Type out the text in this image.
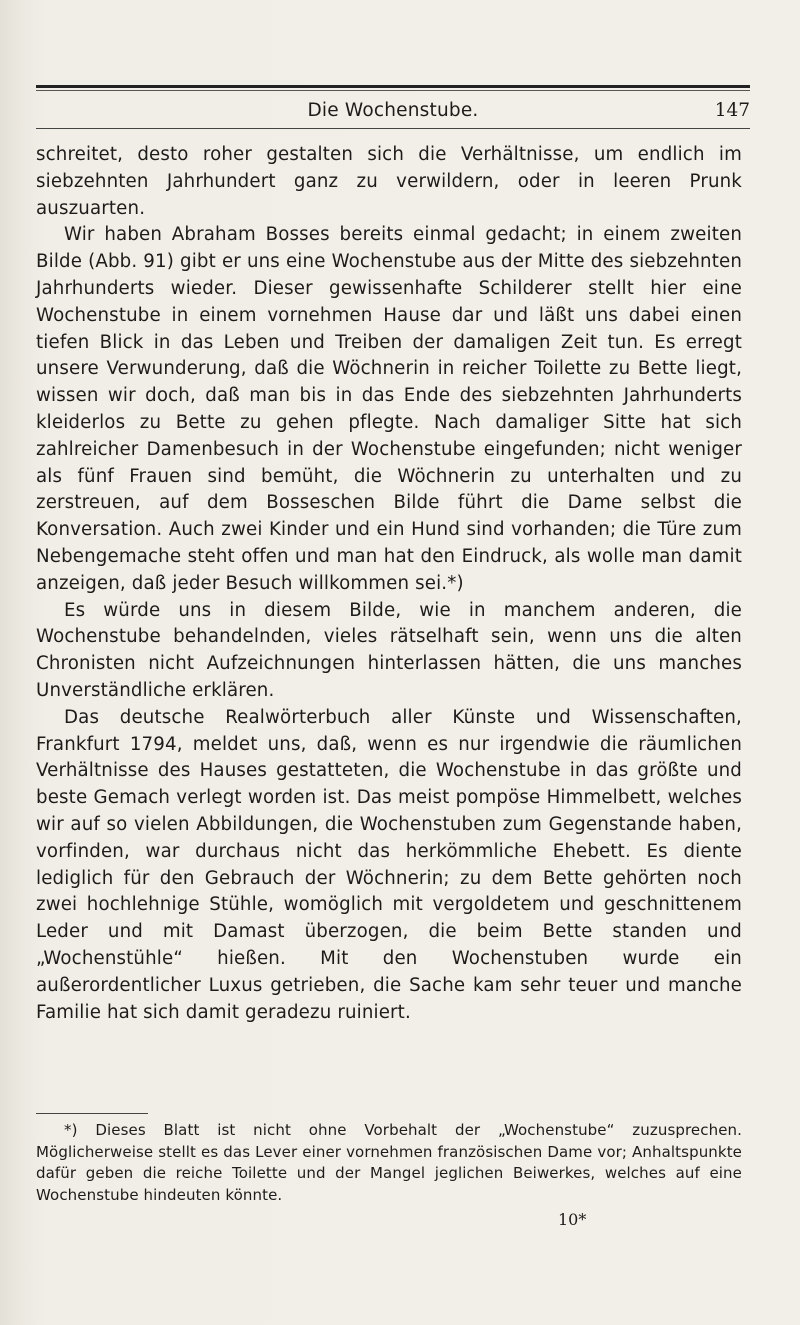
Die Wochenstube.	147

schreitet, desto roher gestalten sich die Verhältnisse, um endlich im siebzehnten Jahrhundert ganz zu verwildern, oder in leeren Prunk auszuarten.

Wir haben Abraham Bosses bereits einmal gedacht; in einem zweiten Bilde (Abb. 91) gibt er uns eine Wochenstube aus der Mitte des siebzehnten Jahrhunderts wieder. Dieser gewissenhafte Schilderer stellt hier eine Wochenstube in einem vornehmen Hause dar und läßt uns dabei einen tiefen Blick in das Leben und Treiben der damaligen Zeit tun. Es erregt unsere Verwunderung, daß die Wöchnerin in reicher Toilette zu Bette liegt, wissen wir doch, daß man bis in das Ende des siebzehnten Jahrhunderts kleiderlos zu Bette zu gehen pflegte. Nach damaliger Sitte hat sich zahlreicher Damenbesuch in der Wochenstube eingefunden; nicht weniger als fünf Frauen sind bemüht, die Wöchnerin zu unterhalten und zu zerstreuen, auf dem Bosseschen Bilde führt die Dame selbst die Konversation. Auch zwei Kinder und ein Hund sind vorhanden; die Türe zum Nebengemache steht offen und man hat den Eindruck, als wolle man damit anzeigen, daß jeder Besuch willkommen sei.*)

Es würde uns in diesem Bilde, wie in manchem anderen, die Wochenstube behandelnden, vieles rätselhaft sein, wenn uns die alten Chronisten nicht Aufzeichnungen hinterlassen hätten, die uns manches Unverständliche erklären.

Das deutsche Realwörterbuch aller Künste und Wissenschaften, Frankfurt 1794, meldet uns, daß, wenn es nur irgendwie die räumlichen Verhältnisse des Hauses gestatteten, die Wochenstube in das größte und beste Gemach verlegt worden ist. Das meist pompöse Himmelbett, welches wir auf so vielen Abbildungen, die Wochenstuben zum Gegenstande haben, vorfinden, war durchaus nicht das herkömmliche Ehebett. Es diente lediglich für den Gebrauch der Wöchnerin; zu dem Bette gehörten noch zwei hochlehnige Stühle, womöglich mit vergoldetem und geschnittenem Leder und mit Damast überzogen, die beim Bette standen und „Wochenstühle“ hießen. Mit den Wochenstuben wurde ein außerordentlicher Luxus getrieben, die Sache kam sehr teuer und manche Familie hat sich damit geradezu ruiniert.

*) Dieses Blatt ist nicht ohne Vorbehalt der „Wochenstube“ zuzusprechen. Möglicherweise stellt es das Lever einer vornehmen französischen Dame vor; Anhaltspunkte dafür geben die reiche Toilette und der Mangel jeglichen Beiwerkes, welches auf eine Wochenstube hindeuten könnte.
10*
